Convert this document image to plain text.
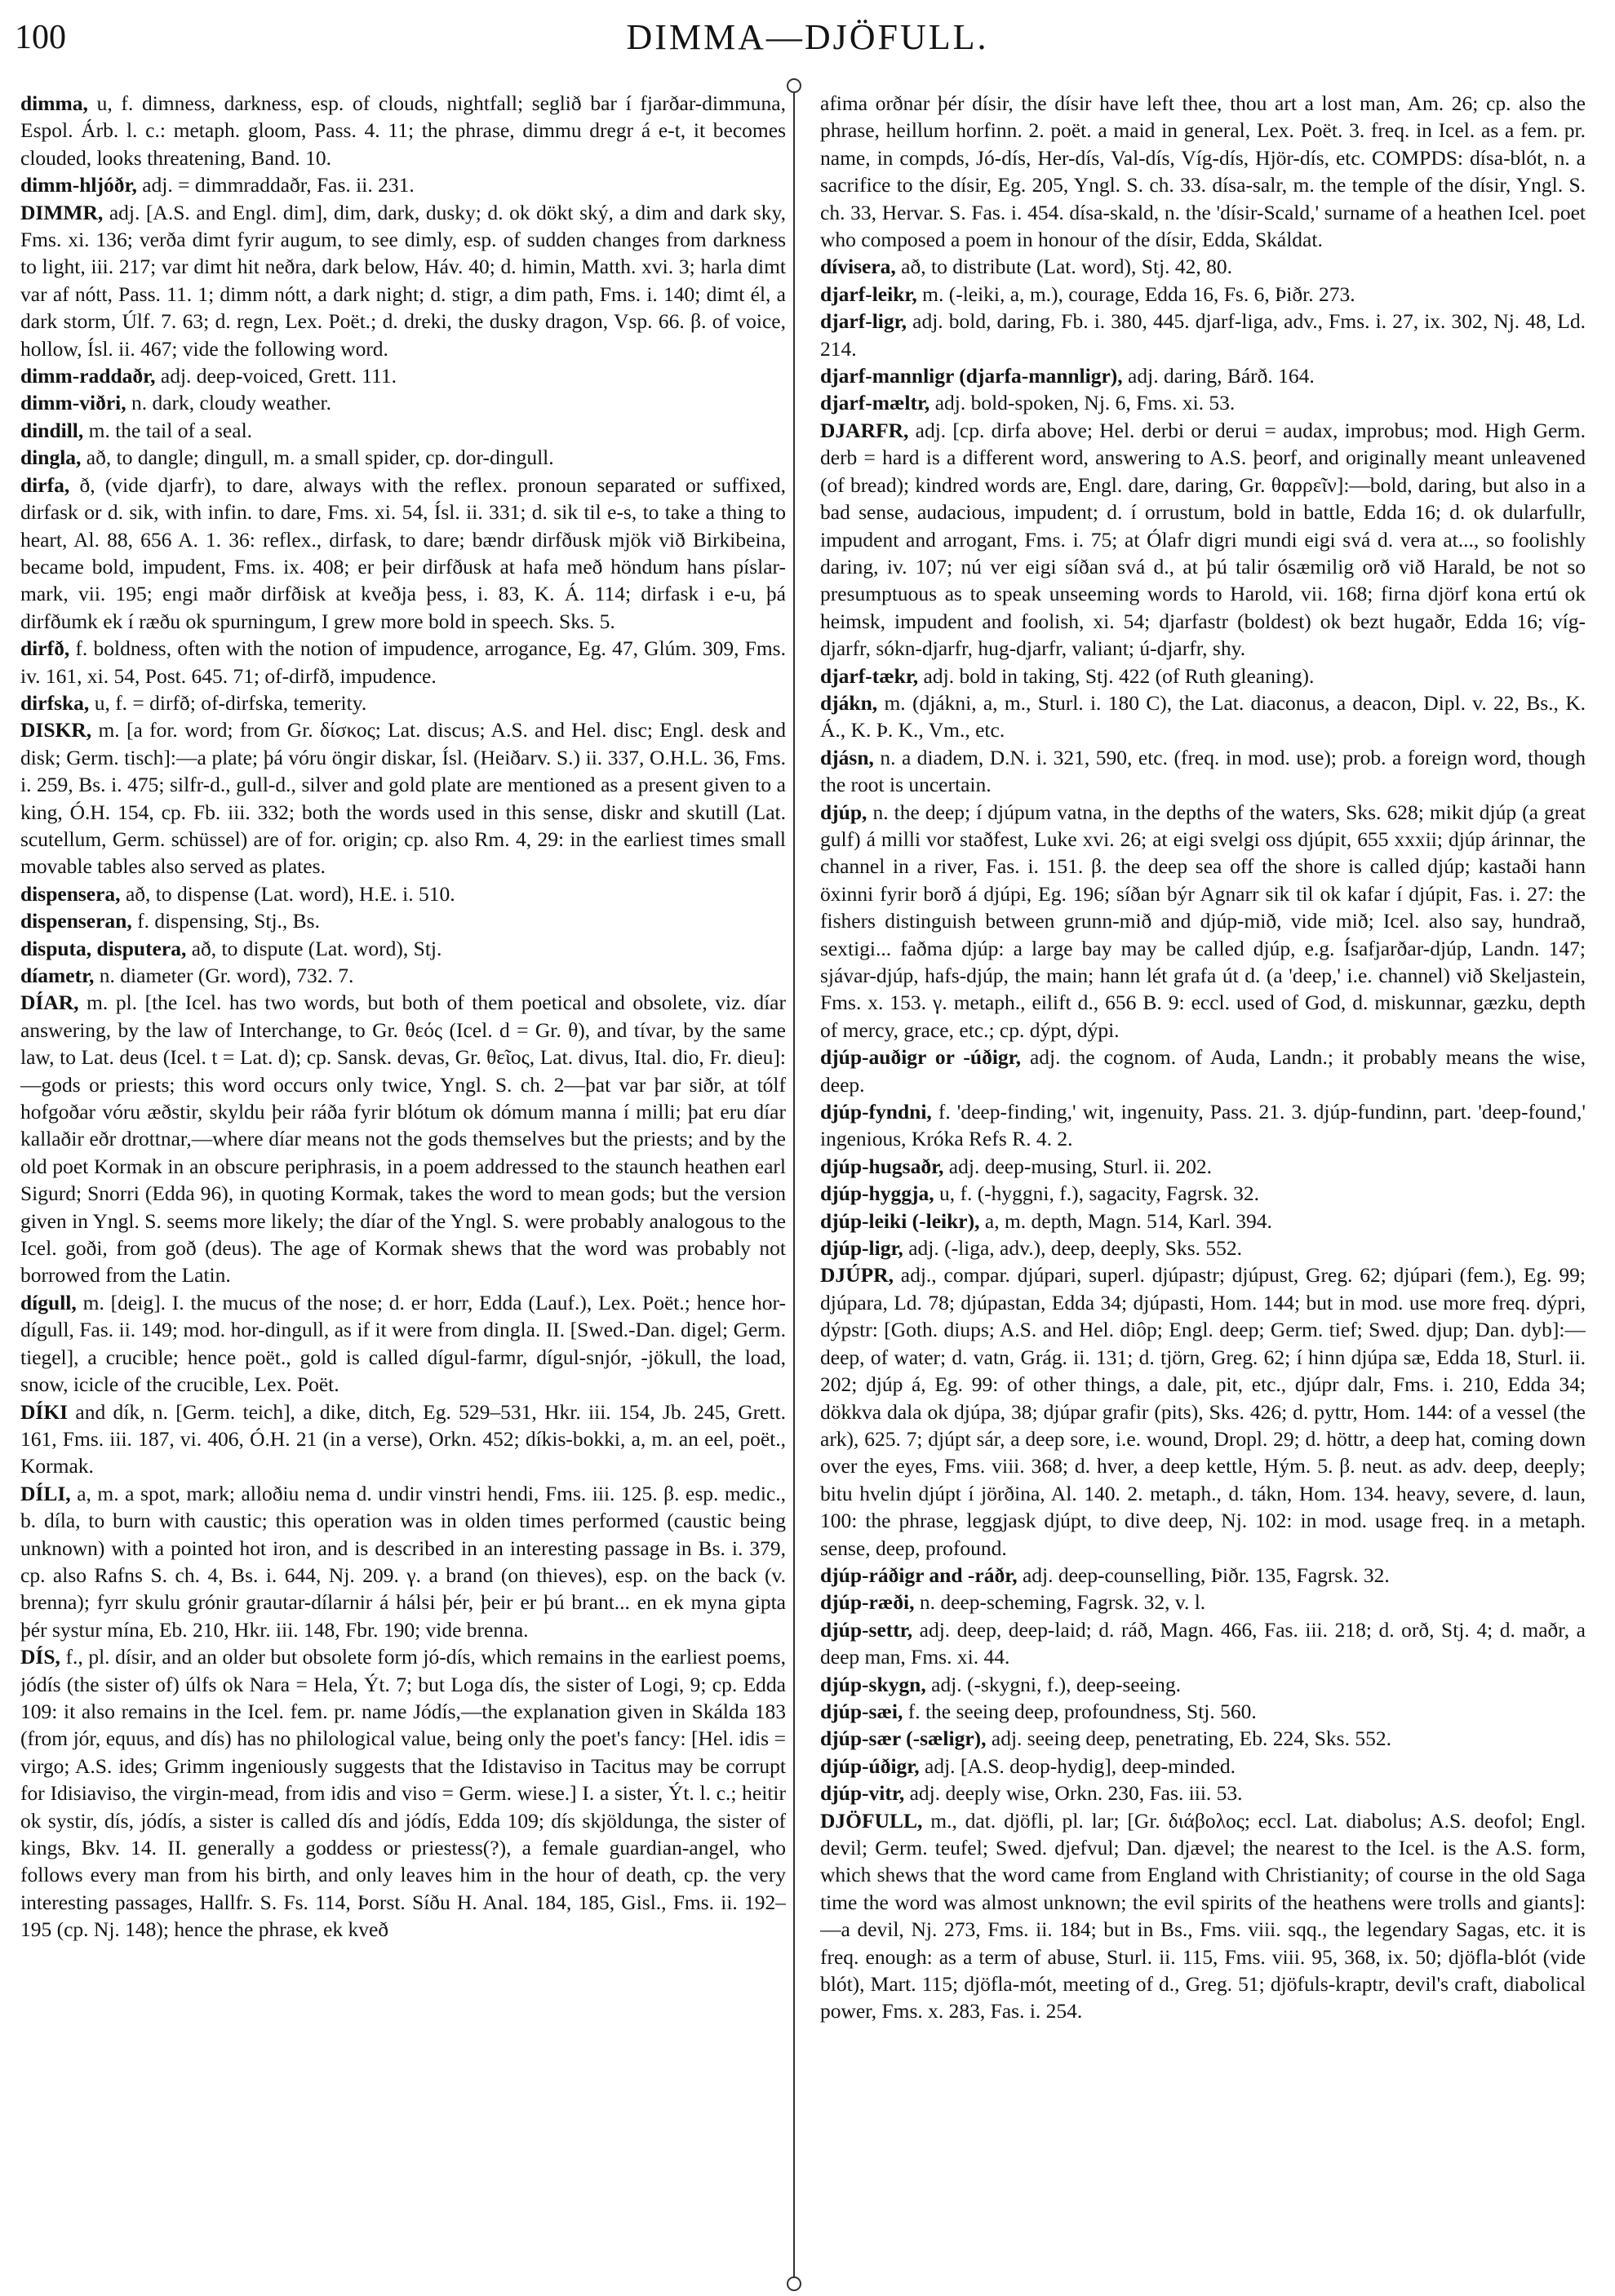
100	DIMMA—DJÖFULL.

dimma, u, f. dimness, darkness, esp. of clouds, nightfall; seglið bar í fjarðar-dimmuna, Espol. Árb. l. c.: metaph. gloom, Pass. 4. 11; the phrase, dimmu dregr á e-t, it becomes clouded, looks threatening, Band. 10.

dimm-hljóðr, adj. = dimmraddaðr, Fas. ii. 231.

DIMMR, adj. [A.S. and Engl. dim], dim, dark, dusky; d. ok dökt ský, a dim and dark sky, Fms. xi. 136; verða dimt fyrir augum, to see dimly, esp. of sudden changes from darkness to light, iii. 217; var dimt hit neðra, dark below, Háv. 40; d. himin, Matth. xvi. 3; harla dimt var af nótt, Pass. 11. 1; dimm nótt, a dark night; d. stigr, a dim path, Fms. i. 140; dimt él, a dark storm, Úlf. 7. 63; d. regn, Lex. Poët.; d. dreki, the dusky dragon, Vsp. 66. β. of voice, hollow, Ísl. ii. 467; vide the following word.

dimm-raddaðr, adj. deep-voiced, Grett. 111.

dimm-viðri, n. dark, cloudy weather.

dindill, m. the tail of a seal.

dingla, að, to dangle; dingull, m. a small spider, cp. dor-dingull.

dirfa, ð, (vide djarfr), to dare, always with the reflex. pronoun separated or suffixed, dirfask or d. sik, with infin. to dare, Fms. xi. 54, Ísl. ii. 331; d. sik til e-s, to take a thing to heart, Al. 88, 656 A. 1. 36: reflex., dirfask, to dare; bændr dirfðusk mjök við Birkibeina, became bold, impudent, Fms. ix. 408; er þeir dirfðusk at hafa með höndum hans píslar-mark, vii. 195; engi maðr dirfðisk at kveðja þess, i. 83, K. Á. 114; dirfask i e-u, þá dirfðumk ek í ræðu ok spurningum, I grew more bold in speech. Sks. 5.

dirfð, f. boldness, often with the notion of impudence, arrogance, Eg. 47, Glúm. 309, Fms. iv. 161, xi. 54, Post. 645. 71; of-dirfð, impudence.

dirfska, u, f. = dirfð; of-dirfska, temerity.

DISKR, m. [a for. word; from Gr. δίσκος; Lat. discus; A.S. and Hel. disc; Engl. desk and disk; Germ. tisch]:—a plate; þá vóru öngir diskar, Ísl. (Heiðarv. S.) ii. 337, O.H.L. 36, Fms. i. 259, Bs. i. 475; silfr-d., gull-d., silver and gold plate are mentioned as a present given to a king, Ó.H. 154, cp. Fb. iii. 332; both the words used in this sense, diskr and skutill (Lat. scutellum, Germ. schüssel) are of for. origin; cp. also Rm. 4, 29: in the earliest times small movable tables also served as plates.

dispensera, að, to dispense (Lat. word), H.E. i. 510.

dispenseran, f. dispensing, Stj., Bs.

disputa, disputera, að, to dispute (Lat. word), Stj.

díametr, n. diameter (Gr. word), 732. 7.

DÍAR, m. pl. [the Icel. has two words, but both of them poetical and obsolete, viz. díar answering, by the law of Interchange, to Gr. θεός (Icel. d = Gr. θ), and tívar, by the same law, to Lat. deus (Icel. t = Lat. d); cp. Sansk. devas, Gr. θεῖος, Lat. divus, Ital. dio, Fr. dieu]:—gods or priests; this word occurs only twice, Yngl. S. ch. 2—þat var þar siðr, at tólf hofgoðar vóru æðstir, skyldu þeir ráða fyrir blótum ok dómum manna í milli; þat eru díar kallaðir eðr drottnar,—where díar means not the gods themselves but the priests; and by the old poet Kormak in an obscure periphrasis, in a poem addressed to the staunch heathen earl Sigurd; Snorri (Edda 96), in quoting Kormak, takes the word to mean gods; but the version given in Yngl. S. seems more likely; the díar of the Yngl. S. were probably analogous to the Icel. goði, from goð (deus). The age of Kormak shews that the word was probably not borrowed from the Latin.

dígull, m. [deig]. I. the mucus of the nose; d. er horr, Edda (Lauf.), Lex. Poët.; hence hor-dígull, Fas. ii. 149; mod. hor-dingull, as if it were from dingla. II. [Swed.-Dan. digel; Germ. tiegel], a crucible; hence poët., gold is called dígul-farmr, dígul-snjór, -jökull, the load, snow, icicle of the crucible, Lex. Poët.

DÍKI and dík, n. [Germ. teich], a dike, ditch, Eg. 529–531, Hkr. iii. 154, Jb. 245, Grett. 161, Fms. iii. 187, vi. 406, Ó.H. 21 (in a verse), Orkn. 452; díkis-bokki, a, m. an eel, poët., Kormak.

DÍLI, a, m. a spot, mark; alloðiu nema d. undir vinstri hendi, Fms. iii. 125. β. esp. medic., b. díla, to burn with caustic; this operation was in olden times performed (caustic being unknown) with a pointed hot iron, and is described in an interesting passage in Bs. i. 379, cp. also Rafns S. ch. 4, Bs. i. 644, Nj. 209. γ. a brand (on thieves), esp. on the back (v. brenna); fyrr skulu grónir grautar-dílarnir á hálsi þér, þeir er þú brant... en ek myna gipta þér systur mína, Eb. 210, Hkr. iii. 148, Fbr. 190; vide brenna.

DÍS, f., pl. dísir, and an older but obsolete form jó-dís, which remains in the earliest poems, jódís (the sister of) úlfs ok Nara = Hela, Ýt. 7; but Loga dís, the sister of Logi, 9; cp. Edda 109: it also remains in the Icel. fem. pr. name Jódís,—the explanation given in Skálda 183 (from jór, equus, and dís) has no philological value, being only the poet's fancy: [Hel. idis = virgo; A.S. ides; Grimm ingeniously suggests that the Idistaviso in Tacitus may be corrupt for Idisiaviso, the virgin-mead, from idis and viso = Germ. wiese.] I. a sister, Ýt. l. c.; heitir ok systir, dís, jódís, a sister is called dís and jódís, Edda 109; dís skjöldunga, the sister of kings, Bkv. 14. II. generally a goddess or priestess(?), a female guardian-angel, who follows every man from his birth, and only leaves him in the hour of death, cp. the very interesting passages, Hallfr. S. Fs. 114, Þorst. Síðu H. Anal. 184, 185, Gisl., Fms. ii. 192–195 (cp. Nj. 148); hence the phrase, ek kveð

afima orðnar þér dísir, the dísir have left thee, thou art a lost man, Am. 26; cp. also the phrase, heillum horfinn. 2. poët. a maid in general, Lex. Poët. 3. freq. in Icel. as a fem. pr. name, in compds, Jó-dís, Her-dís, Val-dís, Víg-dís, Hjör-dís, etc. COMPDS: dísa-blót, n. a sacrifice to the dísir, Eg. 205, Yngl. S. ch. 33. dísa-salr, m. the temple of the dísir, Yngl. S. ch. 33, Hervar. S. Fas. i. 454. dísa-skald, n. the 'dísir-Scald,' surname of a heathen Icel. poet who composed a poem in honour of the dísir, Edda, Skáldat.

dívisera, að, to distribute (Lat. word), Stj. 42, 80.

djarf-leikr, m. (-leiki, a, m.), courage, Edda 16, Fs. 6, Þiðr. 273.

djarf-ligr, adj. bold, daring, Fb. i. 380, 445. djarf-liga, adv., Fms. i. 27, ix. 302, Nj. 48, Ld. 214.

djarf-mannligr (djarfa-mannligr), adj. daring, Bárð. 164.

djarf-mæltr, adj. bold-spoken, Nj. 6, Fms. xi. 53.

DJARFR, adj. [cp. dirfa above; Hel. derbi or derui = audax, improbus; mod. High Germ. derb = hard is a different word, answering to A.S. þeorf, and originally meant unleavened (of bread); kindred words are, Engl. dare, daring, Gr. θαρρεῖν]:—bold, daring, but also in a bad sense, audacious, impudent; d. í orrustum, bold in battle, Edda 16; d. ok dularfullr, impudent and arrogant, Fms. i. 75; at Ólafr digri mundi eigi svá d. vera at..., so foolishly daring, iv. 107; nú ver eigi síðan svá d., at þú talir ósæmilig orð við Harald, be not so presumptuous as to speak unseeming words to Harold, vii. 168; firna djörf kona ertú ok heimsk, impudent and foolish, xi. 54; djarfastr (boldest) ok bezt hugaðr, Edda 16; víg-djarfr, sókn-djarfr, hug-djarfr, valiant; ú-djarfr, shy.

djarf-tækr, adj. bold in taking, Stj. 422 (of Ruth gleaning).

djákn, m. (djákni, a, m., Sturl. i. 180 C), the Lat. diaconus, a deacon, Dipl. v. 22, Bs., K. Á., K. Þ. K., Vm., etc.

djásn, n. a diadem, D.N. i. 321, 590, etc. (freq. in mod. use); prob. a foreign word, though the root is uncertain.

djúp, n. the deep; í djúpum vatna, in the depths of the waters, Sks. 628; mikit djúp (a great gulf) á milli vor staðfest, Luke xvi. 26; at eigi svelgi oss djúpit, 655 xxxii; djúp árinnar, the channel in a river, Fas. i. 151. β. the deep sea off the shore is called djúp; kastaði hann öxinni fyrir borð á djúpi, Eg. 196; síðan býr Agnarr sik til ok kafar í djúpit, Fas. i. 27: the fishers distinguish between grunn-mið and djúp-mið, vide mið; Icel. also say, hundrað, sextigi... faðma djúp: a large bay may be called djúp, e.g. Ísafjarðar-djúp, Landn. 147; sjávar-djúp, hafs-djúp, the main; hann lét grafa út d. (a 'deep,' i.e. channel) við Skeljastein, Fms. x. 153. γ. metaph., eilift d., 656 B. 9: eccl. used of God, d. miskunnar, gæzku, depth of mercy, grace, etc.; cp. dýpt, dýpi.

djúp-auðigr or -úðigr, adj. the cognom. of Auda, Landn.; it probably means the wise, deep.

djúp-fyndni, f. 'deep-finding,' wit, ingenuity, Pass. 21. 3. djúp-fundinn, part. 'deep-found,' ingenious, Króka Refs R. 4. 2.

djúp-hugsaðr, adj. deep-musing, Sturl. ii. 202.

djúp-hyggja, u, f. (-hyggni, f.), sagacity, Fagrsk. 32.

djúp-leiki (-leikr), a, m. depth, Magn. 514, Karl. 394.

djúp-ligr, adj. (-liga, adv.), deep, deeply, Sks. 552.

DJÚPR, adj., compar. djúpari, superl. djúpastr; djúpust, Greg. 62; djúpari (fem.), Eg. 99; djúpara, Ld. 78; djúpastan, Edda 34; djúpasti, Hom. 144; but in mod. use more freq. dýpri, dýpstr: [Goth. diups; A.S. and Hel. diôp; Engl. deep; Germ. tief; Swed. djup; Dan. dyb]:—deep, of water; d. vatn, Grág. ii. 131; d. tjörn, Greg. 62; í hinn djúpa sæ, Edda 18, Sturl. ii. 202; djúp á, Eg. 99: of other things, a dale, pit, etc., djúpr dalr, Fms. i. 210, Edda 34; dökkva dala ok djúpa, 38; djúpar grafir (pits), Sks. 426; d. pyttr, Hom. 144: of a vessel (the ark), 625. 7; djúpt sár, a deep sore, i.e. wound, Dropl. 29; d. höttr, a deep hat, coming down over the eyes, Fms. viii. 368; d. hver, a deep kettle, Hým. 5. β. neut. as adv. deep, deeply; bitu hvelin djúpt í jörðina, Al. 140. 2. metaph., d. tákn, Hom. 134. heavy, severe, d. laun, 100: the phrase, leggjask djúpt, to dive deep, Nj. 102: in mod. usage freq. in a metaph. sense, deep, profound.

djúp-ráðigr and -ráðr, adj. deep-counselling, Þiðr. 135, Fagrsk. 32.

djúp-ræði, n. deep-scheming, Fagrsk. 32, v. l.

djúp-settr, adj. deep, deep-laid; d. ráð, Magn. 466, Fas. iii. 218; d. orð, Stj. 4; d. maðr, a deep man, Fms. xi. 44.

djúp-skygn, adj. (-skygni, f.), deep-seeing.

djúp-sæi, f. the seeing deep, profoundness, Stj. 560.

djúp-sær (-sæligr), adj. seeing deep, penetrating, Eb. 224, Sks. 552.

djúp-úðigr, adj. [A.S. deop-hydig], deep-minded.

djúp-vitr, adj. deeply wise, Orkn. 230, Fas. iii. 53.

DJÖFULL, m., dat. djöfli, pl. lar; [Gr. διάβολος; eccl. Lat. diabolus; A.S. deofol; Engl. devil; Germ. teufel; Swed. djefvul; Dan. djævel; the nearest to the Icel. is the A.S. form, which shews that the word came from England with Christianity; of course in the old Saga time the word was almost unknown; the evil spirits of the heathens were trolls and giants]:—a devil, Nj. 273, Fms. ii. 184; but in Bs., Fms. viii. sqq., the legendary Sagas, etc. it is freq. enough: as a term of abuse, Sturl. ii. 115, Fms. viii. 95, 368, ix. 50; djöfla-blót (vide blót), Mart. 115; djöfla-mót, meeting of d., Greg. 51; djöfuls-kraptr, devil's craft, diabolical power, Fms. x. 283, Fas. i. 254.
